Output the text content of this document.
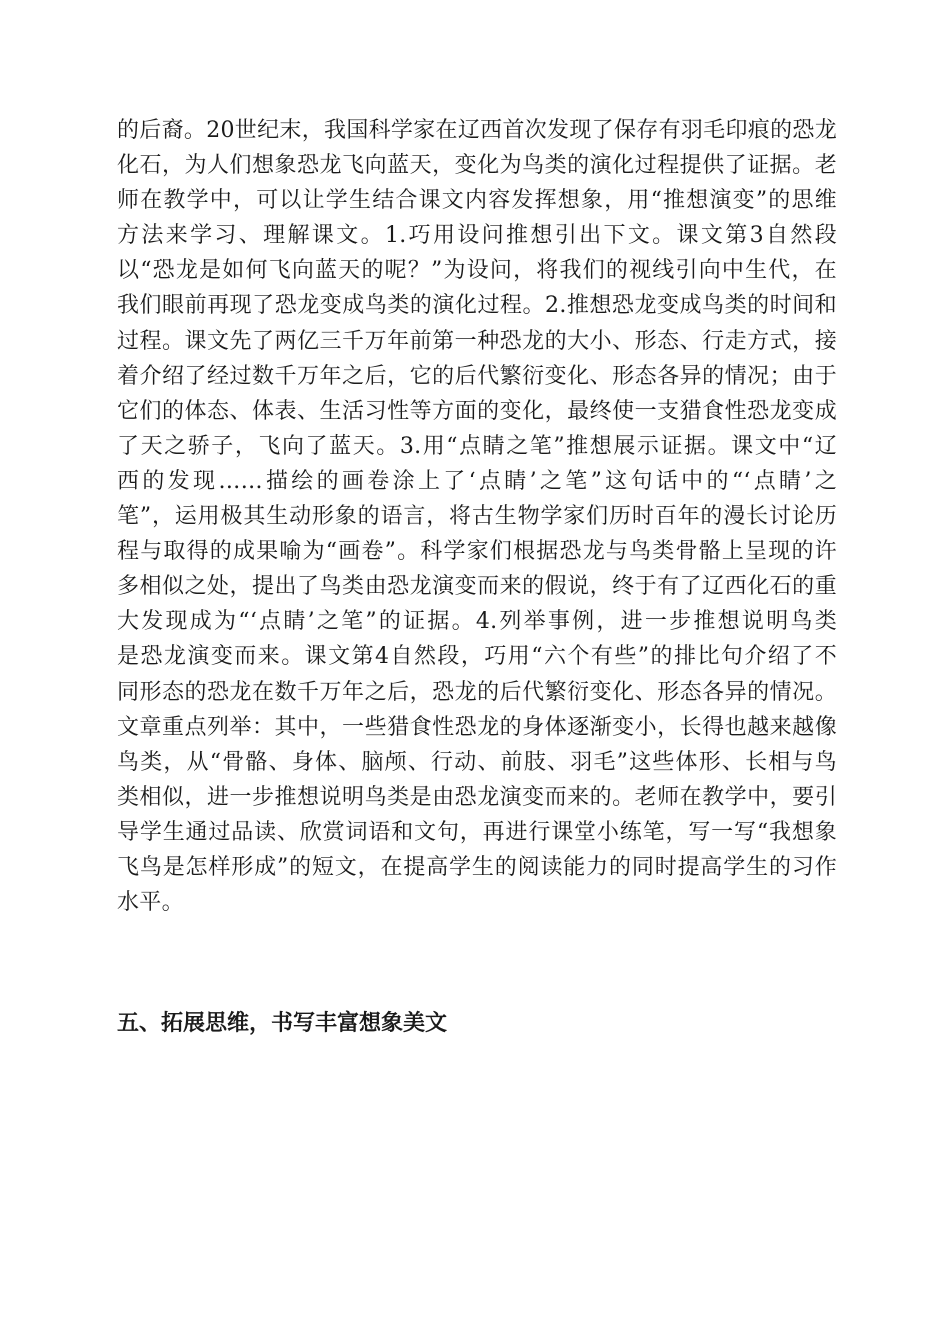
的后裔。20世纪末，我国科学家在辽西首次发现了保存有羽毛印痕的恐龙
化石，为人们想象恐龙飞向蓝天，变化为鸟类的演化过程提供了证据。老
师在教学中，可以让学生结合课文内容发挥想象，用“推想演变”的思维
方法来学习、理解课文。1.巧用设问推想引出下文。课文第3自然段
以“恐龙是如何飞向蓝天的呢？”为设问，将我们的视线引向中生代，在
我们眼前再现了恐龙变成鸟类的演化过程。2.推想恐龙变成鸟类的时间和
过程。课文先了两亿三千万年前第一种恐龙的大小、形态、行走方式，接
着介绍了经过数千万年之后，它的后代繁衍变化、形态各异的情况；由于
它们的体态、体表、生活习性等方面的变化，最终使一支猎食性恐龙变成
了天之骄子，飞向了蓝天。3.用“点睛之笔”推想展示证据。课文中“辽
西的发现……描绘的画卷涂上了‘点睛’之笔”这句话中的“‘点睛’之
笔”，运用极其生动形象的语言，将古生物学家们历时百年的漫长讨论历
程与取得的成果喻为“画卷”。科学家们根据恐龙与鸟类骨骼上呈现的许
多相似之处，提出了鸟类由恐龙演变而来的假说，终于有了辽西化石的重
大发现成为“‘点睛’之笔”的证据。4.列举事例，进一步推想说明鸟类
是恐龙演变而来。课文第4自然段，巧用“六个有些”的排比句介绍了不
同形态的恐龙在数千万年之后，恐龙的后代繁衍变化、形态各异的情况。
文章重点列举：其中，一些猎食性恐龙的身体逐渐变小，长得也越来越像
鸟类，从“骨骼、身体、脑颅、行动、前肢、羽毛”这些体形、长相与鸟
类相似，进一步推想说明鸟类是由恐龙演变而来的。老师在教学中，要引
导学生通过品读、欣赏词语和文句，再进行课堂小练笔，写一写“我想象
飞鸟是怎样形成”的短文，在提高学生的阅读能力的同时提高学生的习作
水平。
五、拓展思维，书写丰富想象美文
